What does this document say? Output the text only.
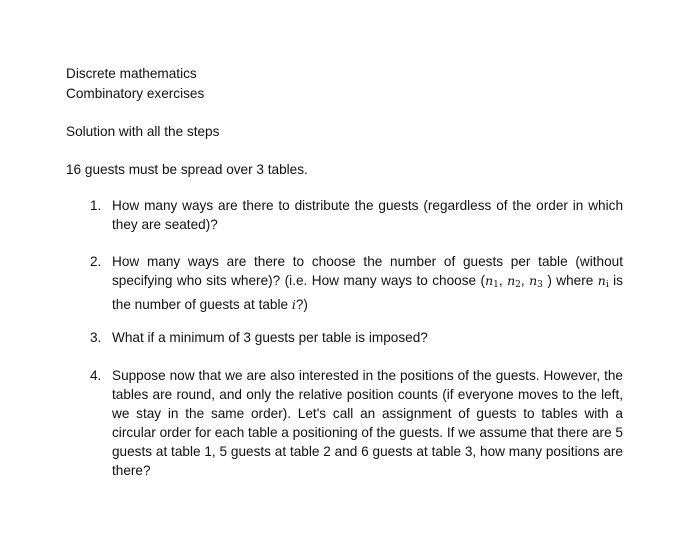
Discrete mathematics

Combinatory exercises

Solution with all the steps

16 guests must be spread over 3 tables.

1. How many ways are there to distribute the guests (regardless of the order in which they are seated)?
2. How many ways are there to choose the number of guests per table (without specifying who sits where)? (i.e. How many ways to choose ($n_1$, $n_2$, $n_3$ ) where $n_i$ is the number of guests at table i?)
3. What if a minimum of 3 guests per table is imposed?
4. Suppose now that we are also interested in the positions of the guests. However, the tables are round, and only the relative position counts (if everyone moves to the left, we stay in the same order). Let's call an assignment of guests to tables with a circular order for each table a positioning of the guests. If we assume that there are 5 guests at table 1, 5 guests at table 2 and 6 guests at table 3, how many positions are there?
